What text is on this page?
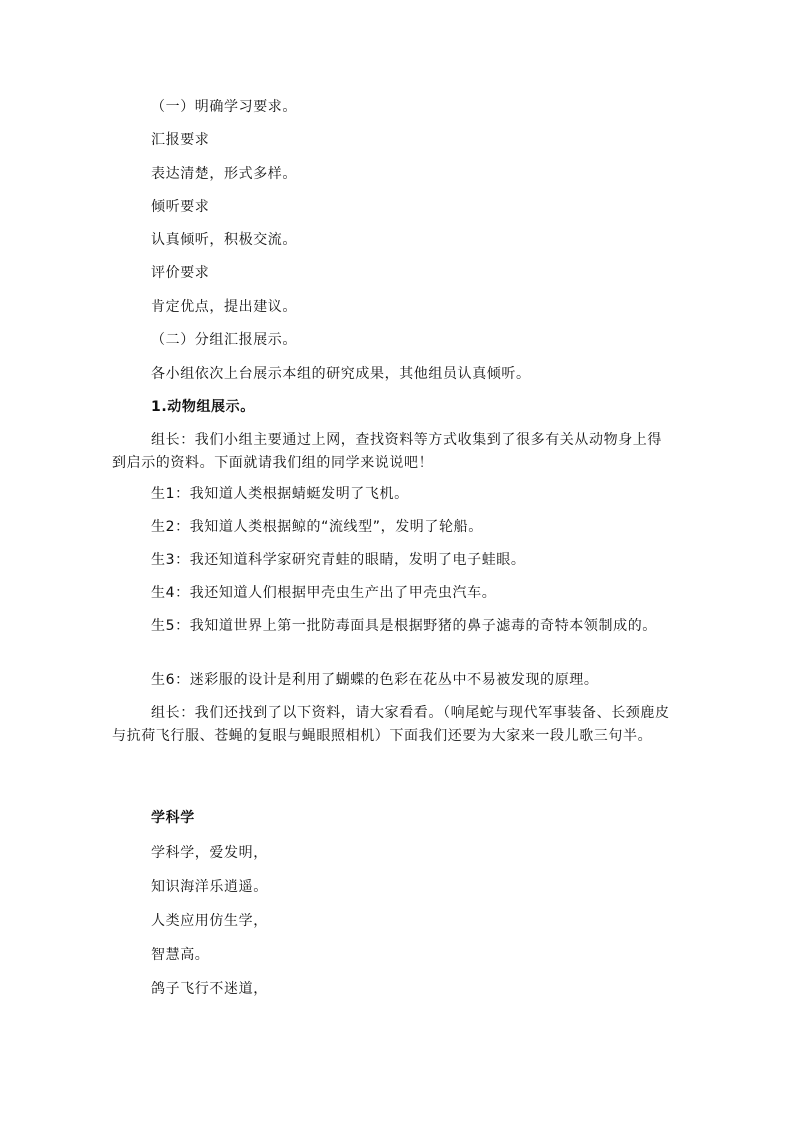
（一）明确学习要求。
汇报要求
表达清楚，形式多样。
倾听要求
认真倾听，积极交流。
评价要求
肯定优点，提出建议。
（二）分组汇报展示。
各小组依次上台展示本组的研究成果，其他组员认真倾听。
1.动物组展示。
组长：我们小组主要通过上网，查找资料等方式收集到了很多有关从动物身上得到启示的资料。下面就请我们组的同学来说说吧！
生1：我知道人类根据蜻蜓发明了飞机。
生2：我知道人类根据鲸的“流线型”，发明了轮船。
生3：我还知道科学家研究青蛙的眼睛，发明了电子蛙眼。
生4：我还知道人们根据甲壳虫生产出了甲壳虫汽车。
生5：我知道世界上第一批防毒面具是根据野猪的鼻子滤毒的奇特本领制成的。
生6：迷彩服的设计是利用了蝴蝶的色彩在花丛中不易被发现的原理。
组长：我们还找到了以下资料，请大家看看。（响尾蛇与现代军事装备、长颈鹿皮与抗荷飞行服、苍蝇的复眼与蝇眼照相机）下面我们还要为大家来一段儿歌三句半。
学科学
学科学，爱发明，
知识海洋乐逍遥。
人类应用仿生学，
智慧高。
鸽子飞行不迷道，
